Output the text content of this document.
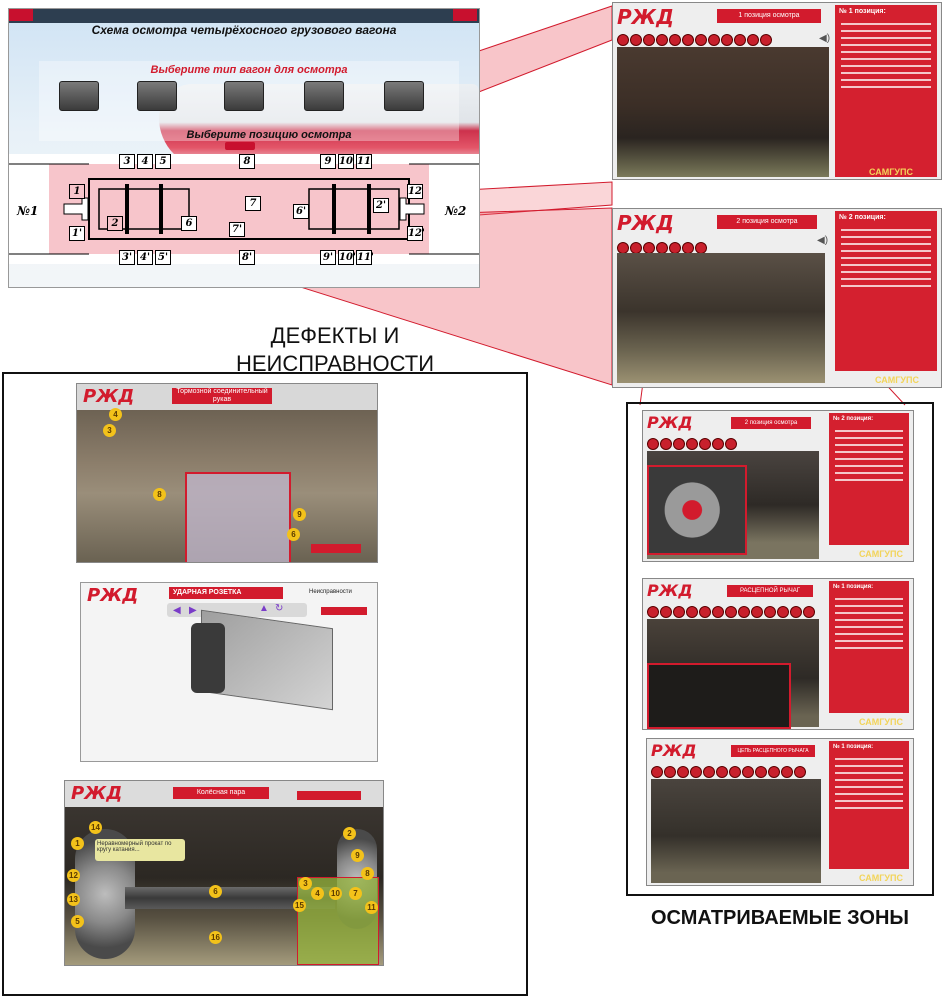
Схема осмотра четырёхосного грузового вагона
Выберите тип вагон для осмотра
Выберите позицию осмотра
№1	№2
3	4	5	8	9 10 11
3' 4' 5'	8'	9' 10' 11'
1
1'
2	6
7
7'
6'
2'
12
12'
ДЕФЕКТЫ И НЕИСПРАВНОСТИ
РЖД	Тормозной соединительный рукав
4
3
8
9
6
РЖД	УДАРНАЯ РОЗЕТКА
◀ ▶	▲ ↻
Неисправности
РЖД	Колёсная пара
Неравномерный прокат по кругу катания...
14
1
12
13
5
6
16
2
9
8
3
4	10	7
15	11
РЖД	1 позиция осмотра
◀)
№ 1 позиция:
САМГУПС
РЖД	2 позиция осмотра
◀)
№ 2 позиция:
САМГУПС
РЖД	2 позиция осмотра
№ 2 позиция:
САМГУПС
РЖД	РАСЦЕПНОЙ РЫЧАГ
№ 1 позиция:
САМГУПС
РЖД	ЦЕПЬ РАСЦЕПНОГО РЫЧАГА
№ 1 позиция:
САМГУПС
ОСМАТРИВАЕМЫЕ ЗОНЫ
